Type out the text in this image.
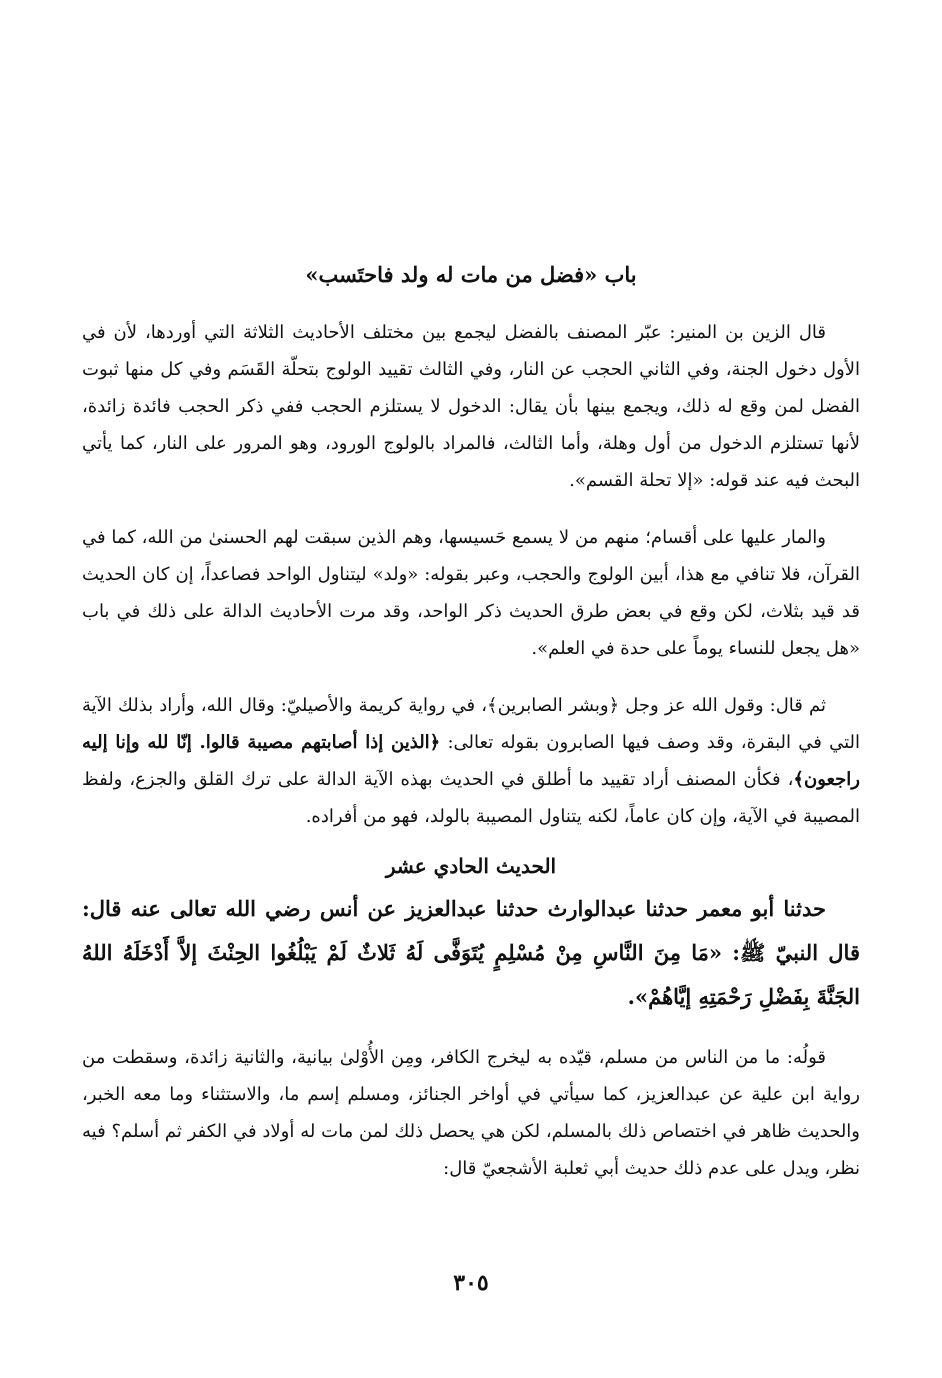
باب «فضل من مات له ولد فاحتَسب»

قال الزين بن المنير: عبّر المصنف بالفضل ليجمع بين مختلف الأحاديث الثلاثة التي أوردها، لأن في الأول دخول الجنة، وفي الثاني الحجب عن النار، وفي الثالث تقييد الولوج بتحلّة القَسَم وفي كل منها ثبوت الفضل لمن وقع له ذلك، ويجمع بينها بأن يقال: الدخول لا يستلزم الحجب ففي ذكر الحجب فائدة زائدة، لأنها تستلزم الدخول من أول وهلة، وأما الثالث، فالمراد بالولوج الورود، وهو المرور على النار، كما يأتي البحث فيه عند قوله: «إلا تحلة القسم».

والمار عليها على أقسام؛ منهم من لا يسمع حَسيسها، وهم الذين سبقت لهم الحسنىٰ من الله، كما في القرآن، فلا تنافي مع هذا، أبين الولوج والحجب، وعبر بقوله: «ولد» ليتناول الواحد فصاعداً، إن كان الحديث قد قيد بثلاث، لكن وقع في بعض طرق الحديث ذكر الواحد، وقد مرت الأحاديث الدالة على ذلك في باب «هل يجعل للنساء يوماً على حدة في العلم».

ثم قال: وقول الله عز وجل ﴿وبشر الصابرين﴾، في رواية كريمة والأصيليّ: وقال الله، وأراد بذلك الآية التي في البقرة، وقد وصف فيها الصابرون بقوله تعالى: ﴿الذين إذا أصابتهم مصيبة قالوا. إنّا لله وإنا إليه راجعون﴾، فكأن المصنف أراد تقييد ما أطلق في الحديث بهذه الآية الدالة على ترك القلق والجزع، ولفظ المصيبة في الآية، وإن كان عاماً، لكنه يتناول المصيبة بالولد، فهو من أفراده.

الحديث الحادي عشر

حدثنا أبو معمر حدثنا عبدالوارث حدثنا عبدالعزيز عن أنس رضي الله تعالى عنه قال: قال النبيّ ﷺ: «مَا مِنَ النَّاسِ مِنْ مُسْلِمٍ يُتَوَفَّى لَهُ ثَلاثٌ لَمْ يَبْلُغُوا الحِنْثَ إلاَّ أَدْخَلَهُ اللهُ الجَنَّةَ بِفَضْلِ رَحْمَتِهِ إيَّاهُمْ».

قولُه: ما من الناس من مسلم، قيّده به ليخرج الكافر، ومِن الأُوْلىٰ بيانية، والثانية زائدة، وسقطت من رواية ابن علية عن عبدالعزيز، كما سيأتي في أواخر الجنائز، ومسلم إسم ما، والاستثناء وما معه الخبر، والحديث ظاهر في اختصاص ذلك بالمسلم، لكن هي يحصل ذلك لمن مات له أولاد في الكفر ثم أسلم؟ فيه نظر، ويدل على عدم ذلك حديث أبي ثعلبة الأشجعيّ قال:

٣٠٥
